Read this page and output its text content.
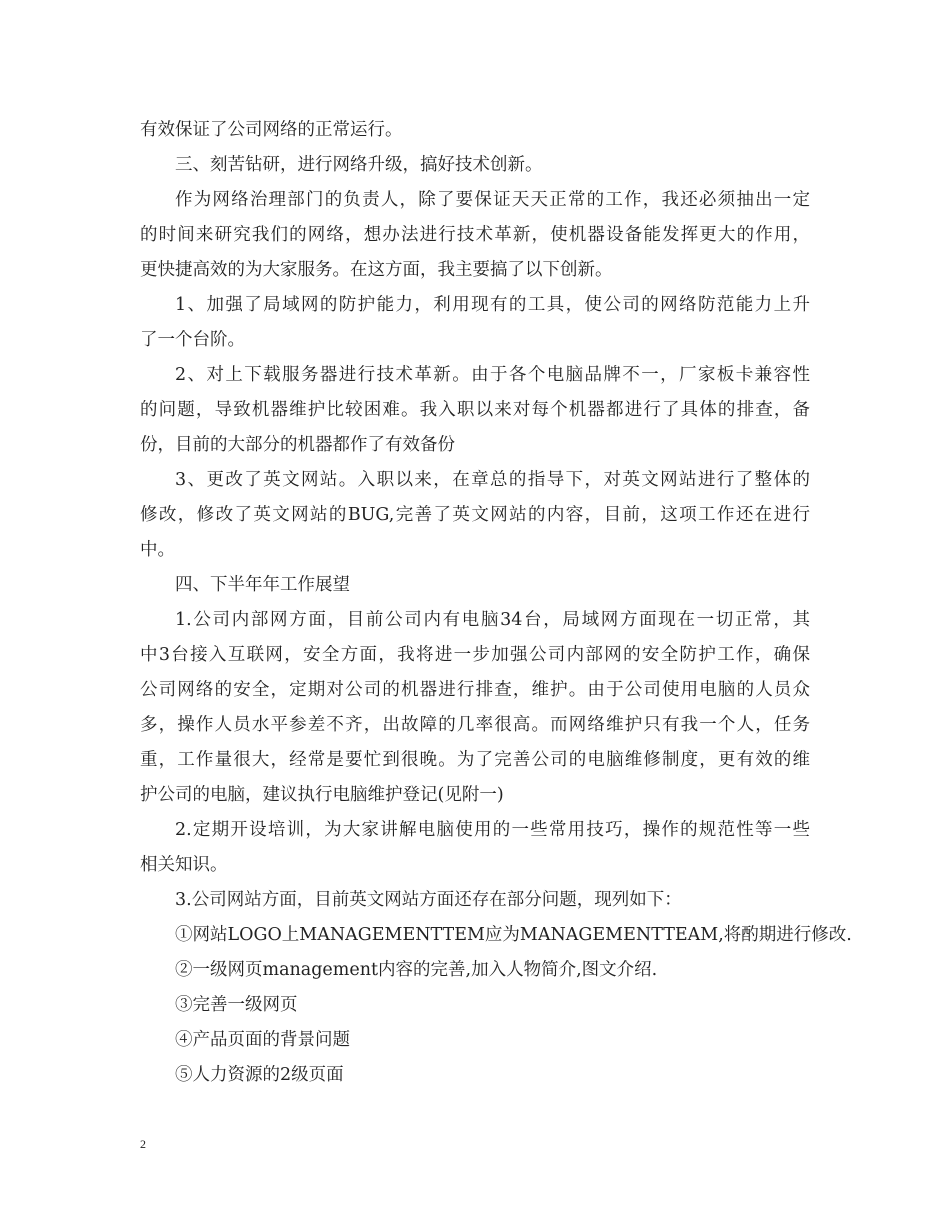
有效保证了公司网络的正常运行。

三、刻苦钻研，进行网络升级，搞好技术创新。

作为网络治理部门的负责人，除了要保证天天正常的工作，我还必须抽出一定

的时间来研究我们的网络，想办法进行技术革新，使机器设备能发挥更大的作用，

更快捷高效的为大家服务。在这方面，我主要搞了以下创新。

1、加强了局域网的防护能力，利用现有的工具，使公司的网络防范能力上升

了一个台阶。

2、对上下载服务器进行技术革新。由于各个电脑品牌不一，厂家板卡兼容性

的问题，导致机器维护比较困难。我入职以来对每个机器都进行了具体的排查，备

份，目前的大部分的机器都作了有效备份

3、更改了英文网站。入职以来，在章总的指导下，对英文网站进行了整体的

修改，修改了英文网站的BUG,完善了英文网站的内容，目前，这项工作还在进行

中。

四、下半年年工作展望

1.公司内部网方面，目前公司内有电脑34台，局域网方面现在一切正常，其

中3台接入互联网，安全方面，我将进一步加强公司内部网的安全防护工作，确保

公司网络的安全，定期对公司的机器进行排查，维护。由于公司使用电脑的人员众

多，操作人员水平参差不齐，出故障的几率很高。而网络维护只有我一个人，任务

重，工作量很大，经常是要忙到很晚。为了完善公司的电脑维修制度，更有效的维

护公司的电脑，建议执行电脑维护登记(见附一)

2.定期开设培训，为大家讲解电脑使用的一些常用技巧，操作的规范性等一些

相关知识。

3.公司网站方面，目前英文网站方面还存在部分问题，现列如下：

①网站LOGO上MANAGEMENTTEM应为MANAGEMENTTEAM,将酌期进行修改.

②一级网页management内容的完善,加入人物简介,图文介绍.

③完善一级网页

④产品页面的背景问题

⑤人力资源的2级页面

2
